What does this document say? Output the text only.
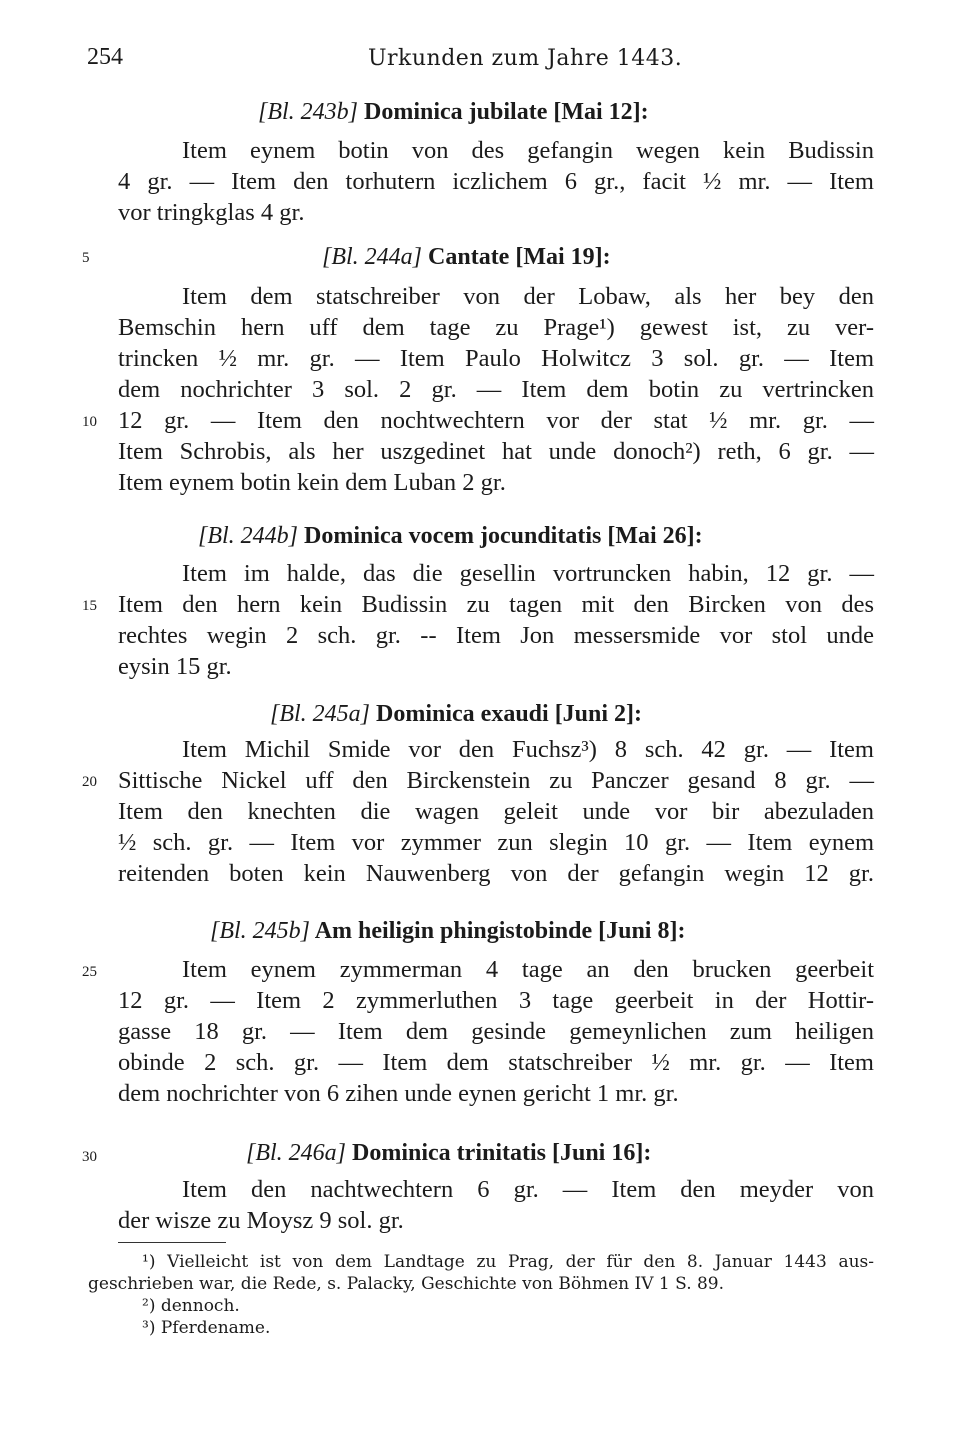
254	Urkunden zum Jahre 1443.
[Bl. 243b] Dominica jubilate [Mai 12]:
Item eynem botin von des gefangin wegen kein Budissin
4 gr. — Item den torhutern iczlichem 6 gr., facit ½ mr. — Item
vor tringkglas 4 gr.
5	[Bl. 244a] Cantate [Mai 19]:
Item dem statschreiber von der Lobaw, als her bey den
Bemschin hern uff dem tage zu Prage¹) gewest ist, zu ver-
trincken ½ mr. gr. — Item Paulo Holwitcz 3 sol. gr. — Item
dem nochrichter 3 sol. 2 gr. — Item dem botin zu vertrincken
10 12 gr. — Item den nochtwechtern vor der stat ½ mr. gr. —
Item Schrobis, als her uszgedinet hat unde donoch²) reth, 6 gr. —
Item eynem botin kein dem Luban 2 gr.
[Bl. 244b] Dominica vocem jocunditatis [Mai 26]:
Item im halde, das die gesellin vortruncken habin, 12 gr. —
15 Item den hern kein Budissin zu tagen mit den Bircken von des
rechtes wegin 2 sch. gr. -- Item Jon messersmide vor stol unde
eysin 15 gr.
[Bl. 245a] Dominica exaudi [Juni 2]:
Item Michil Smide vor den Fuchsz³) 8 sch. 42 gr. — Item
20 Sittische Nickel uff den Birckenstein zu Panczer gesand 8 gr. —
Item den knechten die wagen geleit unde vor bir abezuladen
½ sch. gr. — Item vor zymmer zun slegin 10 gr. — Item eynem
reitenden boten kein Nauwenberg von der gefangin wegin 12 gr.
[Bl. 245b] Am heiligin phingistobinde [Juni 8]:
25	Item eynem zymmerman 4 tage an den brucken geerbeit
12 gr. — Item 2 zymmerluthen 3 tage geerbeit in der Hottir-
gasse 18 gr. — Item dem gesinde gemeynlichen zum heiligen
obinde 2 sch. gr. — Item dem statschreiber ½ mr. gr. — Item
dem nochrichter von 6 zihen unde eynen gericht 1 mr. gr.
30	[Bl. 246a] Dominica trinitatis [Juni 16]:
Item den nachtwechtern 6 gr. — Item den meyder von
der wisze zu Moysz 9 sol. gr.
¹) Vielleicht ist von dem Landtage zu Prag, der für den 8. Januar 1443 aus-
geschrieben war, die Rede, s. Palacky, Geschichte von Böhmen IV 1 S. 89.
²) dennoch.
³) Pferdename.
